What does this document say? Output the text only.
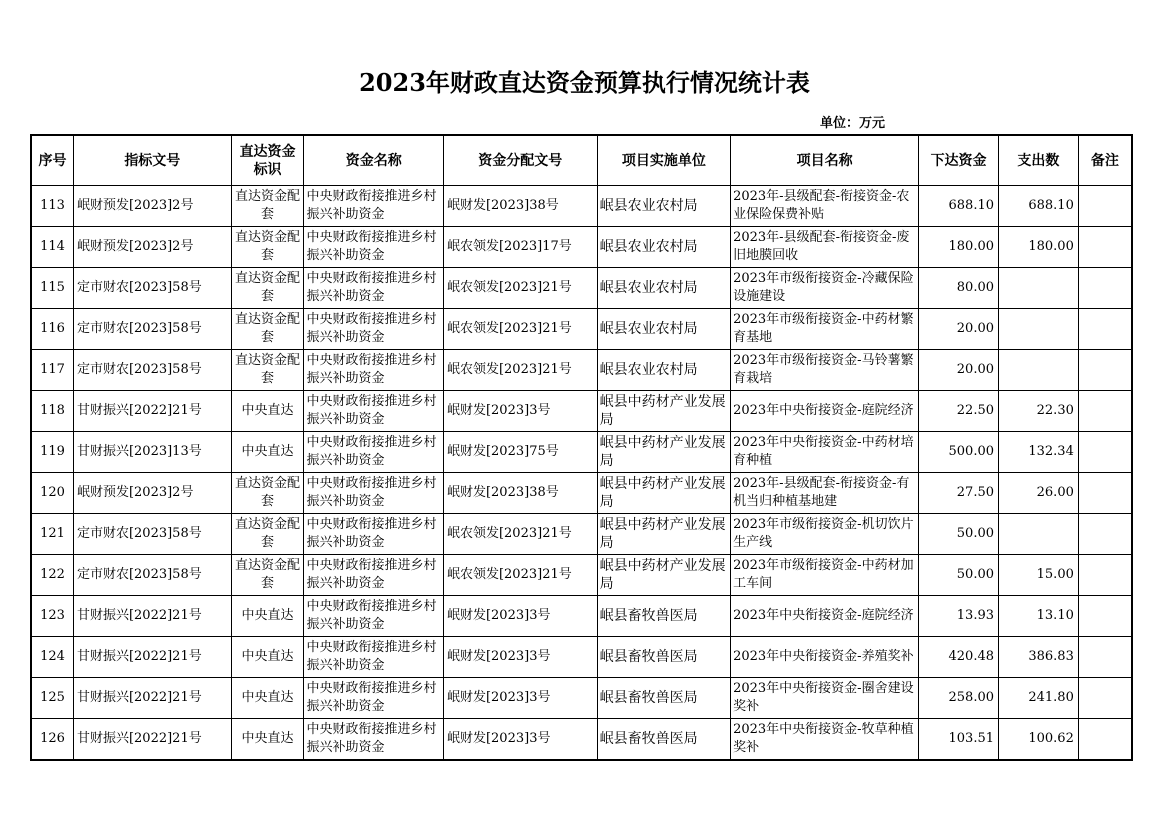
2023年财政直达资金预算执行情况统计表
单位：万元
序号	指标文号	直达资金标识	资金名称	资金分配文号	项目实施单位	项目名称	下达资金	支出数	备注
113	岷财预发[2023]2号	直达资金配套	中央财政衔接推进乡村振兴补助资金	岷财发[2023]38号	岷县农业农村局	2023年-县级配套-衔接资金-农业保险保费补贴	688.10	688.10	
114	岷财预发[2023]2号	直达资金配套	中央财政衔接推进乡村振兴补助资金	岷农领发[2023]17号	岷县农业农村局	2023年-县级配套-衔接资金-废旧地膜回收	180.00	180.00	
115	定市财农[2023]58号	直达资金配套	中央财政衔接推进乡村振兴补助资金	岷农领发[2023]21号	岷县农业农村局	2023年市级衔接资金-冷藏保险设施建设	80.00		
116	定市财农[2023]58号	直达资金配套	中央财政衔接推进乡村振兴补助资金	岷农领发[2023]21号	岷县农业农村局	2023年市级衔接资金-中药材繁育基地	20.00		
117	定市财农[2023]58号	直达资金配套	中央财政衔接推进乡村振兴补助资金	岷农领发[2023]21号	岷县农业农村局	2023年市级衔接资金-马铃薯繁育栽培	20.00		
118	甘财振兴[2022]21号	中央直达	中央财政衔接推进乡村振兴补助资金	岷财发[2023]3号	岷县中药材产业发展局	2023年中央衔接资金-庭院经济	22.50	22.30	
119	甘财振兴[2023]13号	中央直达	中央财政衔接推进乡村振兴补助资金	岷财发[2023]75号	岷县中药材产业发展局	2023年中央衔接资金-中药材培育种植	500.00	132.34	
120	岷财预发[2023]2号	直达资金配套	中央财政衔接推进乡村振兴补助资金	岷财发[2023]38号	岷县中药材产业发展局	2023年-县级配套-衔接资金-有机当归种植基地建	27.50	26.00	
121	定市财农[2023]58号	直达资金配套	中央财政衔接推进乡村振兴补助资金	岷农领发[2023]21号	岷县中药材产业发展局	2023年市级衔接资金-机切饮片生产线	50.00		
122	定市财农[2023]58号	直达资金配套	中央财政衔接推进乡村振兴补助资金	岷农领发[2023]21号	岷县中药材产业发展局	2023年市级衔接资金-中药材加工车间	50.00	15.00	
123	甘财振兴[2022]21号	中央直达	中央财政衔接推进乡村振兴补助资金	岷财发[2023]3号	岷县畜牧兽医局	2023年中央衔接资金-庭院经济	13.93	13.10	
124	甘财振兴[2022]21号	中央直达	中央财政衔接推进乡村振兴补助资金	岷财发[2023]3号	岷县畜牧兽医局	2023年中央衔接资金-养殖奖补	420.48	386.83	
125	甘财振兴[2022]21号	中央直达	中央财政衔接推进乡村振兴补助资金	岷财发[2023]3号	岷县畜牧兽医局	2023年中央衔接资金-圈舍建设奖补	258.00	241.80	
126	甘财振兴[2022]21号	中央直达	中央财政衔接推进乡村振兴补助资金	岷财发[2023]3号	岷县畜牧兽医局	2023年中央衔接资金-牧草种植奖补	103.51	100.62	
